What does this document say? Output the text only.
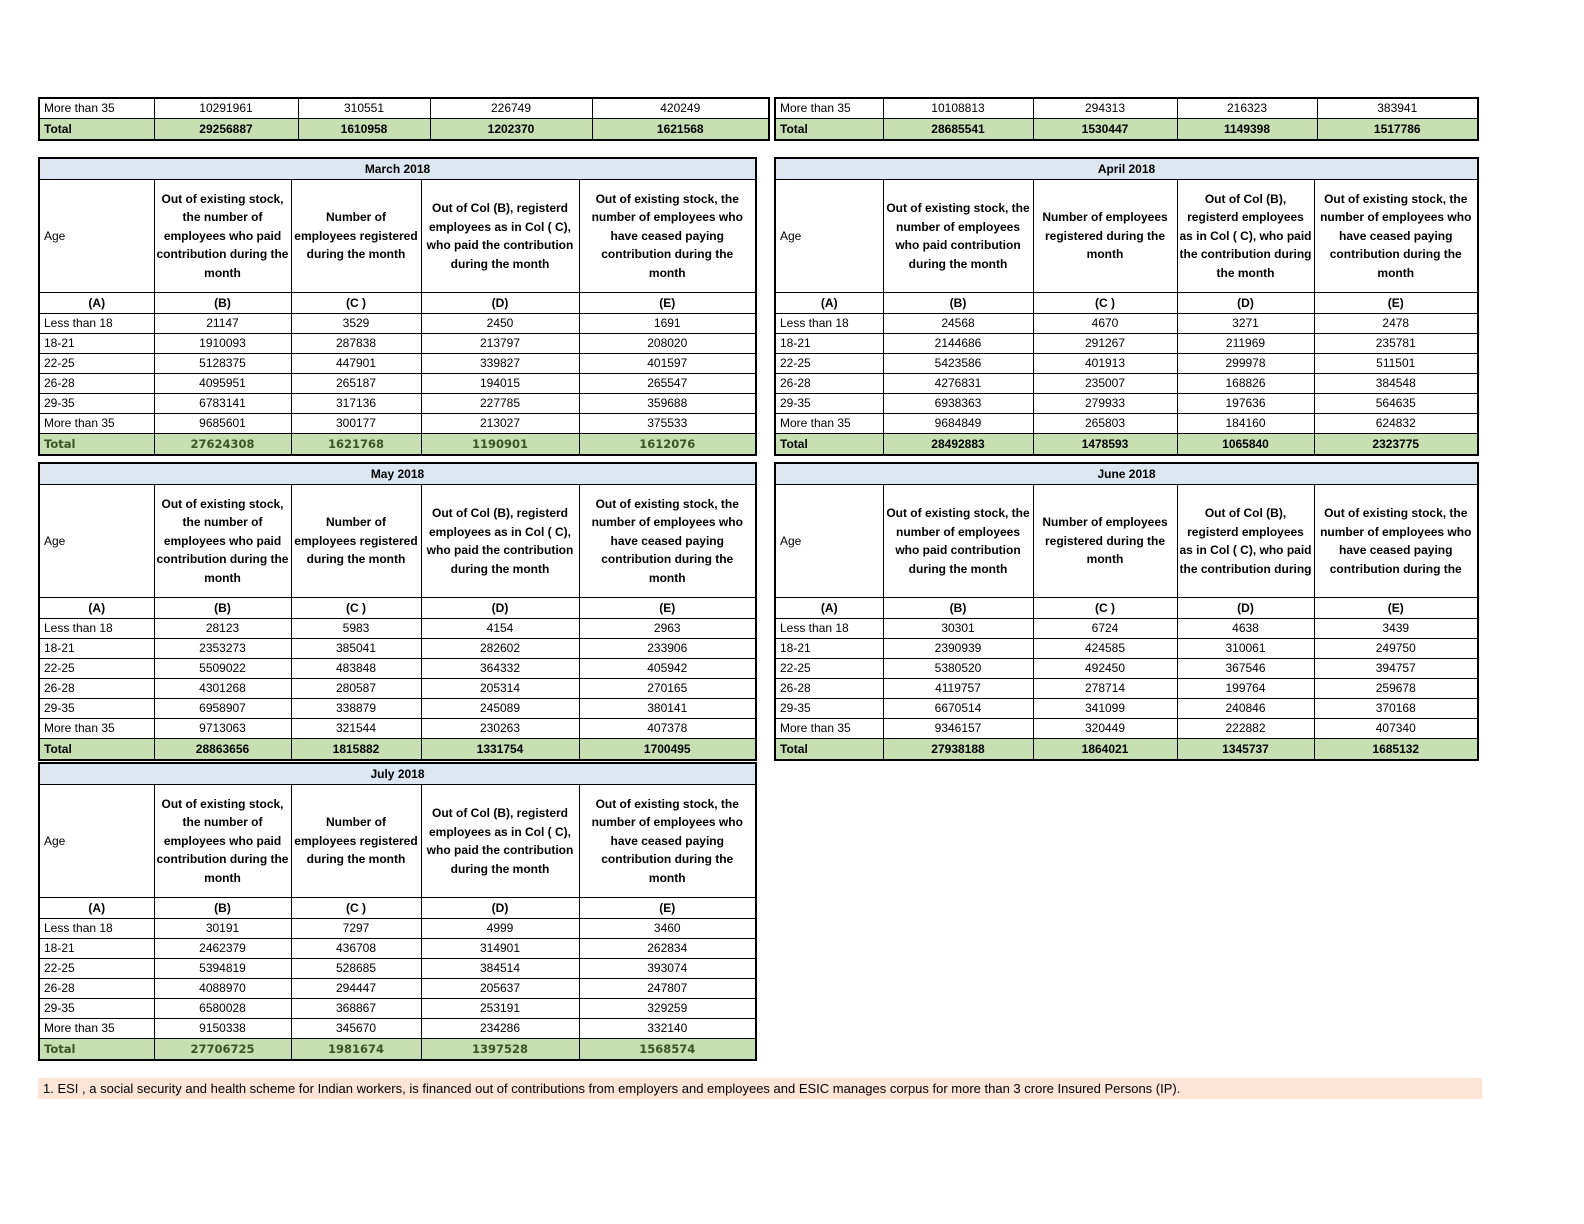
More than 35	10291961	310551	226749	420249
Total	29256887	1610958	1202370	1621568
More than 35	10108813	294313	216323	383941
Total	28685541	1530447	1149398	1517786
March 2018				

Age	Out of existing stock, the number of employees who paid contribution during the month	Number of employees registered during the month	Out of Col (B), registerd employees as in Col ( C), who paid the contribution during the month	Out of existing stock, the number of employees who have ceased paying contribution during the month

(A)	(B)	(C )	(D)	(E)
Less than 18	21147	3529	2450	1691
18-21	1910093	287838	213797	208020
22-25	5128375	447901	339827	401597
26-28	4095951	265187	194015	265547
29-35	6783141	317136	227785	359688
More than 35	9685601	300177	213027	375533
Total	27624308	1621768	1190901	1612076
April 2018				

Age	Out of existing stock, the number of employees who paid contribution during the month	Number of employees registered during the month	Out of Col (B), registerd employees as in Col ( C), who paid the contribution during the month	Out of existing stock, the number of employees who have ceased paying contribution during the month

(A)	(B)	(C )	(D)	(E)
Less than 18	24568	4670	3271	2478
18-21	2144686	291267	211969	235781
22-25	5423586	401913	299978	511501
26-28	4276831	235007	168826	384548
29-35	6938363	279933	197636	564635
More than 35	9684849	265803	184160	624832
Total	28492883	1478593	1065840	2323775
May 2018				

Age	Out of existing stock, the number of employees who paid contribution during the month	Number of employees registered during the month	Out of Col (B), registerd employees as in Col ( C), who paid the contribution during the month	Out of existing stock, the number of employees who have ceased paying contribution during the month

(A)	(B)	(C )	(D)	(E)
Less than 18	28123	5983	4154	2963
18-21	2353273	385041	282602	233906
22-25	5509022	483848	364332	405942
26-28	4301268	280587	205314	270165
29-35	6958907	338879	245089	380141
More than 35	9713063	321544	230263	407378
Total	28863656	1815882	1331754	1700495
June 2018				

Age	Out of existing stock, the number of employees who paid contribution during the month	Number of employees registered during the month	Out of Col (B), registerd employees as in Col ( C), who paid the contribution during	Out of existing stock, the number of employees who have ceased paying contribution during the

(A)	(B)	(C )	(D)	(E)
Less than 18	30301	6724	4638	3439
18-21	2390939	424585	310061	249750
22-25	5380520	492450	367546	394757
26-28	4119757	278714	199764	259678
29-35	6670514	341099	240846	370168
More than 35	9346157	320449	222882	407340
Total	27938188	1864021	1345737	1685132
July 2018				

Age	Out of existing stock, the number of employees who paid contribution during the month	Number of employees registered during the month	Out of Col (B), registerd employees as in Col ( C), who paid the contribution during the month	Out of existing stock, the number of employees who have ceased paying contribution during the month

(A)	(B)	(C )	(D)	(E)
Less than 18	30191	7297	4999	3460
18-21	2462379	436708	314901	262834
22-25	5394819	528685	384514	393074
26-28	4088970	294447	205637	247807
29-35	6580028	368867	253191	329259
More than 35	9150338	345670	234286	332140
Total	27706725	1981674	1397528	1568574
1. ESI , a social security and health scheme for Indian workers, is financed out of contributions from employers and employees and ESIC manages corpus for more than 3 crore Insured Persons (IP).
